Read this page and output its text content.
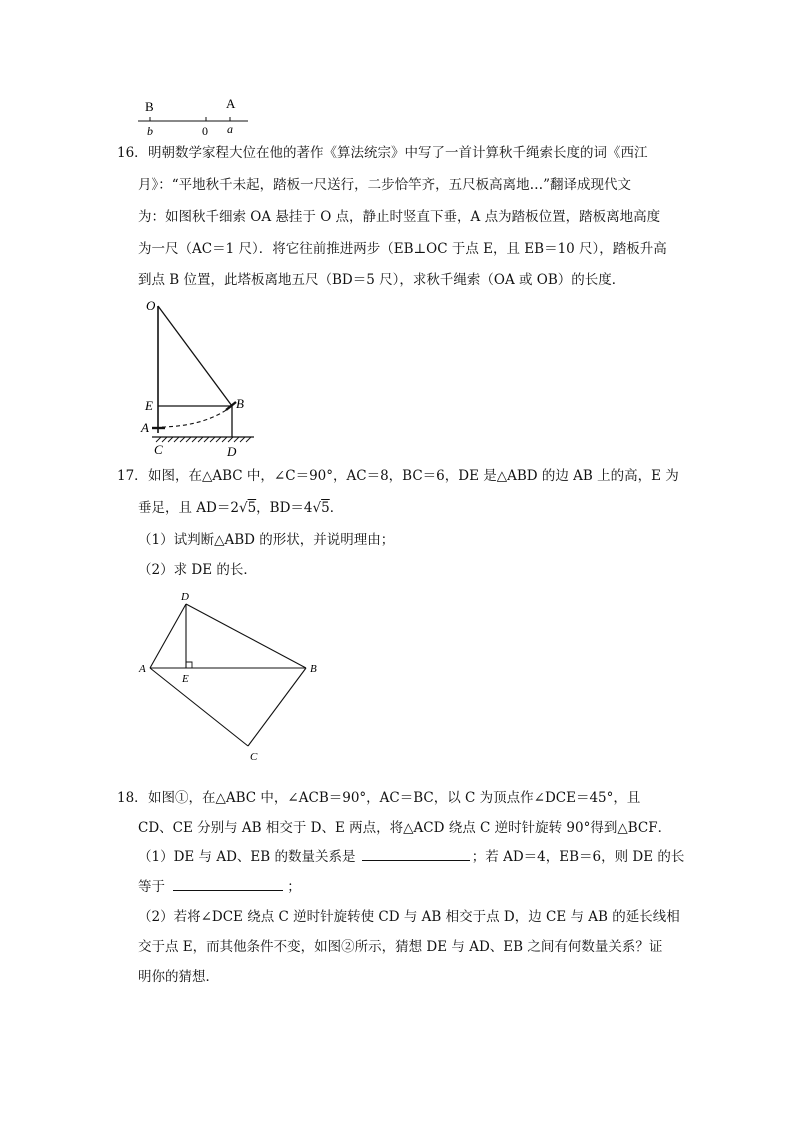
B	A
b	0 a
16． 明朝数学家程大位在他的著作《算法统宗》中写了一首计算秋千绳索长度的词《西江
月》：“平地秋千未起，踏板一尺送行，二步恰竿齐，五尺板高离地…”翻译成现代文
为：如图秋千细索 OA 悬挂于 O 点，静止时竖直下垂，A 点为踏板位置，踏板离地高度
为一尺（AC＝1 尺）．将它往前推进两步（EB⊥OC 于点 E，且 EB＝10 尺），踏板升高
到点 B 位置，此塔板离地五尺（BD＝5 尺），求秋千绳索（OA 或 OB）的长度．
O
E	B
A
C	D
17． 如图，在△ABC 中，∠C＝90°，AC＝8，BC＝6，DE 是△ABD 的边 AB 上的高，E 为
垂足，且 AD＝2√5，BD＝4√5．
（1）试判断△ABD 的形状，并说明理由；
（2）求 DE 的长．
D
A
E
B
C
18． 如图①，在△ABC 中，∠ACB＝90°，AC＝BC，以 C 为顶点作∠DCE＝45°，且
CD、CE 分别与 AB 相交于 D、E 两点，将△ACD 绕点 C 逆时针旋转 90°得到△BCF．
（1）DE 与 AD、EB 的数量关系是	；若 AD＝4，EB＝6，则 DE 的长
等于	；
（2）若将∠DCE 绕点 C 逆时针旋转使 CD 与 AB 相交于点 D，边 CE 与 AB 的延长线相
交于点 E，而其他条件不变，如图②所示，猜想 DE 与 AD、EB 之间有何数量关系？证
明你的猜想．
